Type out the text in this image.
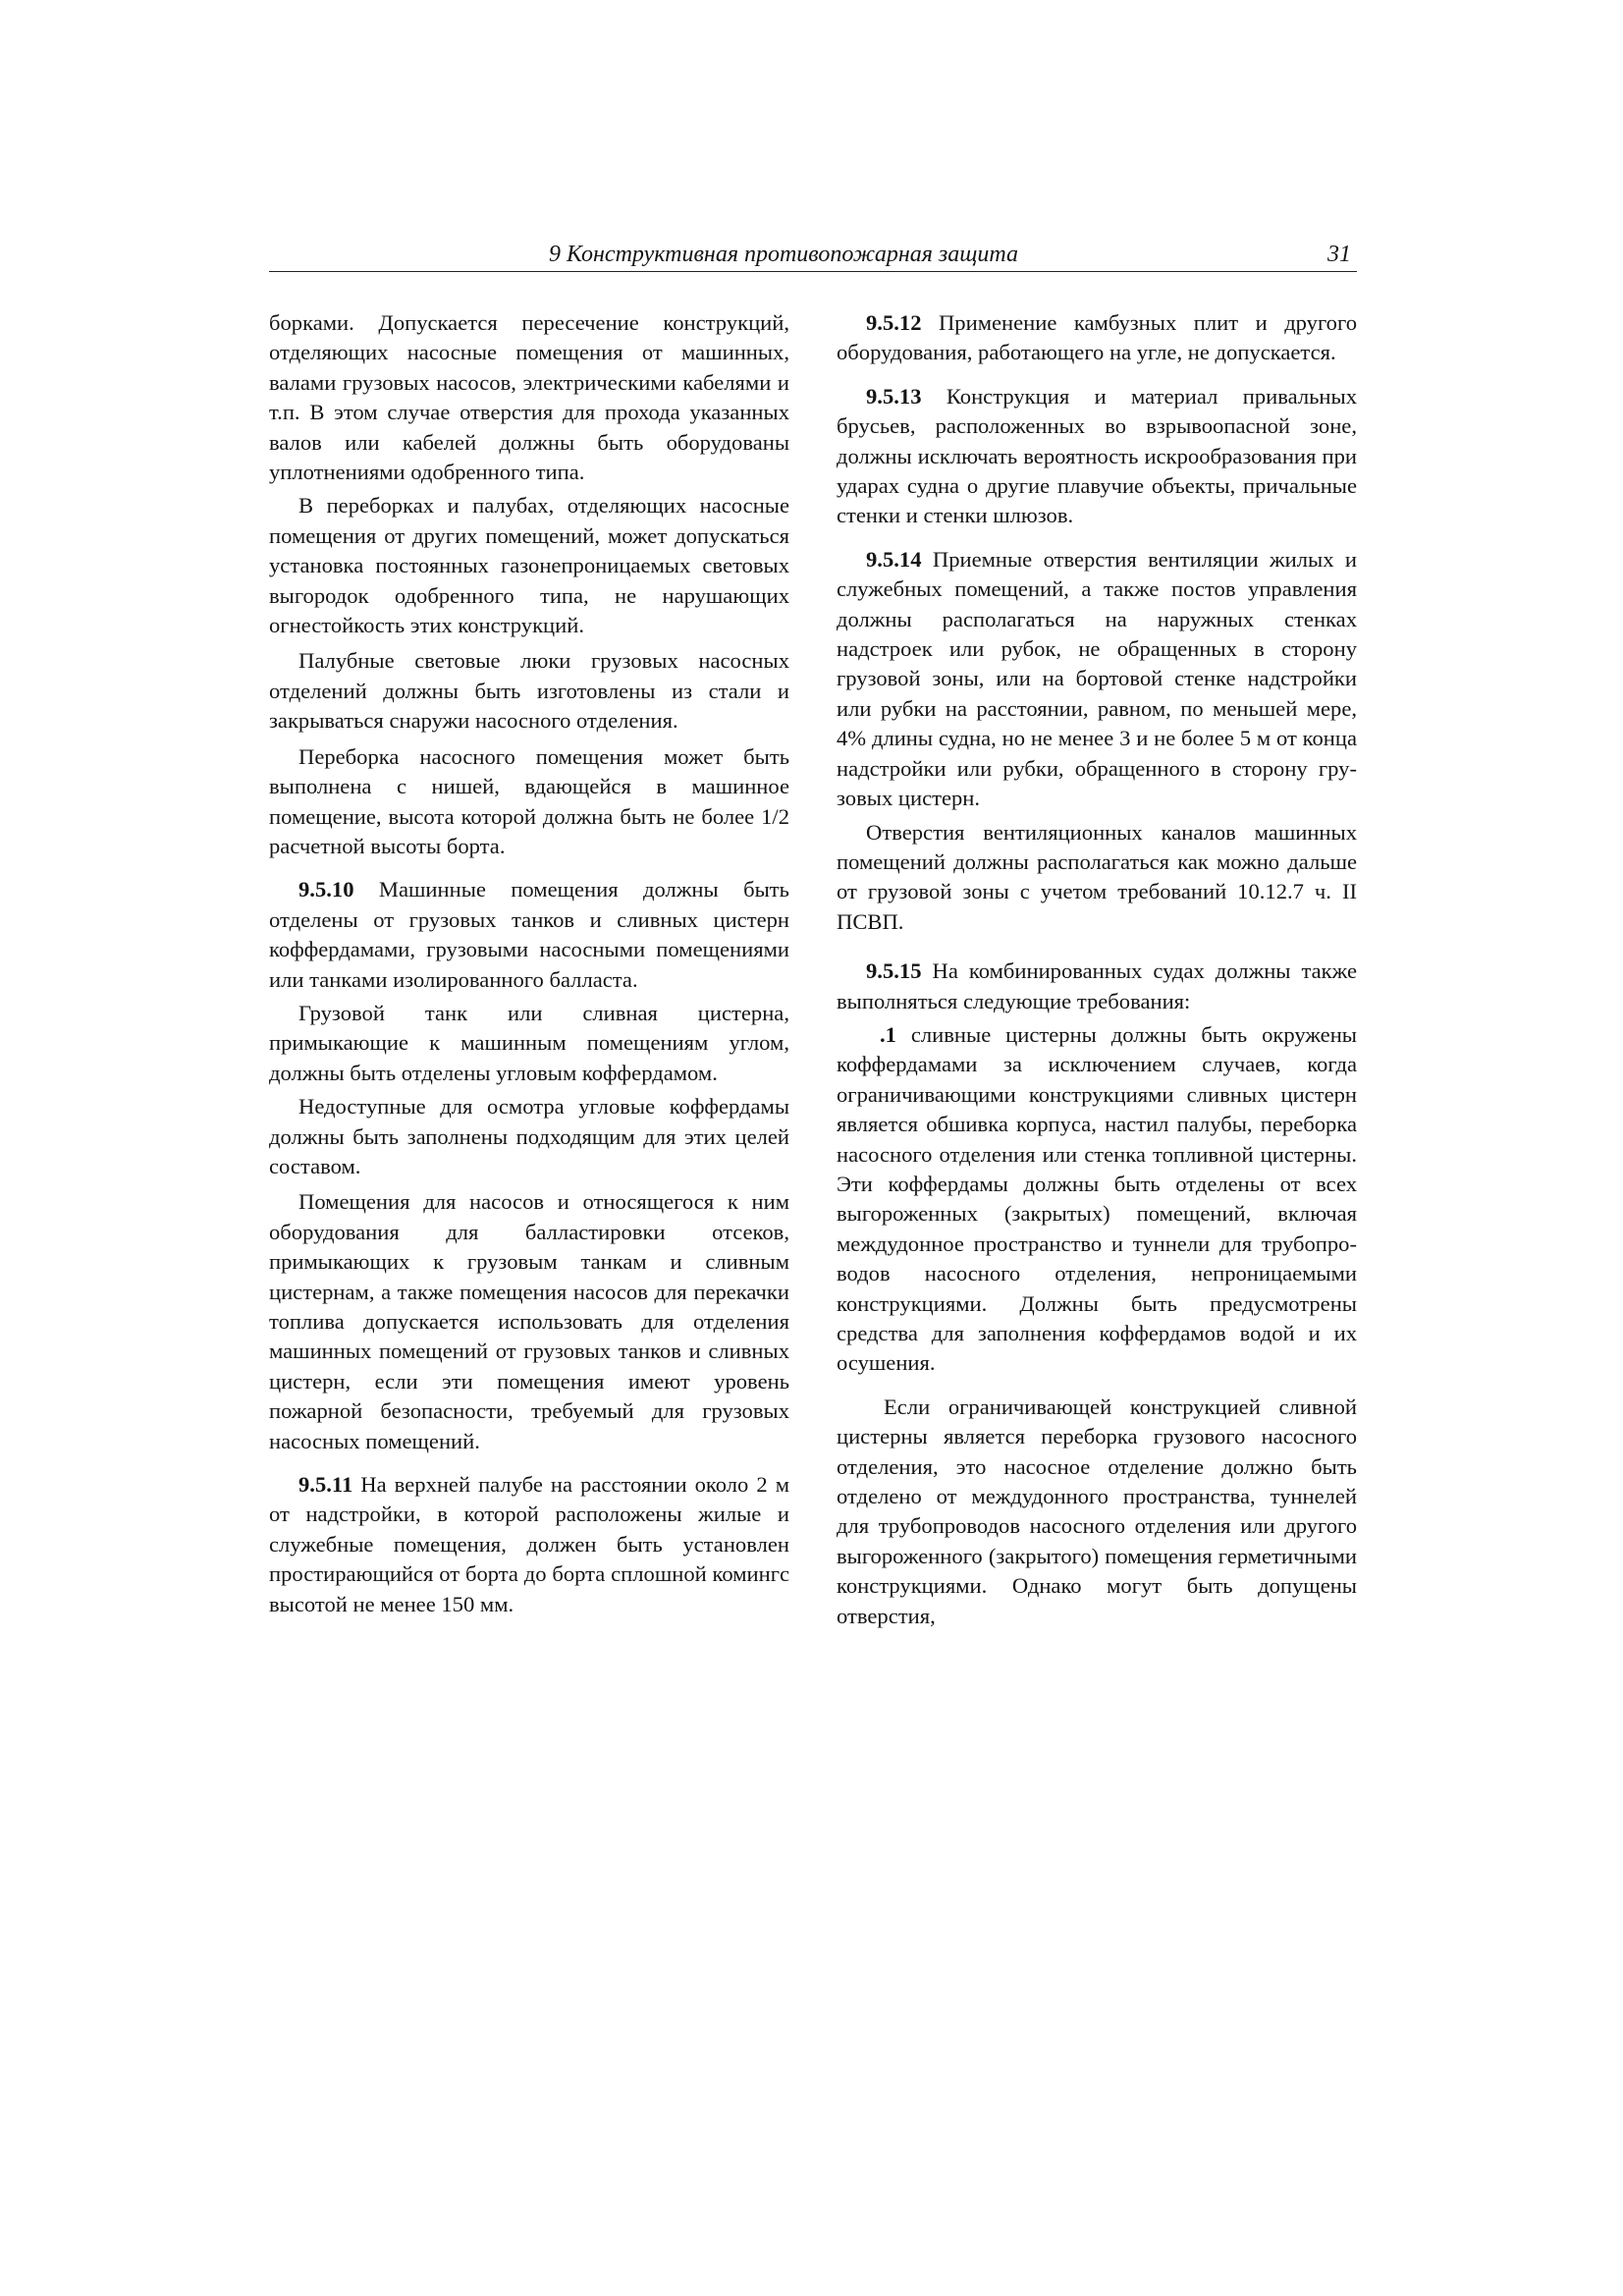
9 Конструктивная противопожарная защита	31

борками. Допускается пересечение конструкций, отделяющих насосные помещения от машинных, валами грузовых насосов, электрическими кабелями и т.п. В этом случае отверстия для прохода указанных валов или кабелей должны быть оборудованы уплотнениями одобренного типа.

В переборках и палубах, отделяющих насосные помещения от других помещений, может допускаться установка постоянных газонепроницаемых световых выгородок одобренного типа, не нарушающих огнестойкость этих конструкций.

Палубные световые люки грузовых насосных отделений должны быть изготовлены из стали и закрываться снаружи насосного отделения.

Переборка насосного помещения может быть выполнена с нишей, вдающейся в машинное помещение, высота которой должна быть не более 1/2 расчетной высоты борта.

9.5.10 Машинные помещения должны быть отделены от грузовых танков и сливных цистерн коффердамами, грузовыми насосными помещениями или танками изолированного балласта.

Грузовой танк или сливная цистерна, примыкающие к машинным помещениям углом, должны быть отделены угловым коффердамом.

Недоступные для осмотра угловые коффердамы должны быть заполнены подходящим для этих целей составом.

Помещения для насосов и относящегося к ним оборудования для балластировки отсеков, примыкающих к грузовым танкам и сливным цистернам, а также помещения насосов для перекачки топлива допускается использовать для отделения машинных помещений от грузовых танков и сливных цистерн, если эти помещения имеют уровень пожарной безопасности, требуемый для грузовых насосных помещений.

9.5.11 На верхней палубе на расстоянии около 2 м от надстройки, в которой расположены жилые и служебные помещения, должен быть установлен простирающийся от борта до борта сплошной комингс высотой не менее 150 мм.

9.5.12 Применение камбузных плит и другого оборудования, работающего на угле, не допускается.

9.5.13 Конструкция и материал привальных брусьев, расположенных во взрывоопасной зоне, должны исключать вероятность искрообразования при ударах судна о другие плавучие объекты, причальные стенки и стенки шлюзов.

9.5.14 Приемные отверстия вентиляции жилых и служебных помещений, а также постов управления должны располагаться на наружных стенках надстроек или рубок, не обращенных в сторону грузовой зоны, или на бортовой стенке надстройки или рубки на расстоянии, равном, по меньшей мере, 4% длины судна, но не менее 3 и не более 5 м от конца надстройки или рубки, обращенного в сторону грузовых цистерн.

Отверстия вентиляционных каналов машинных помещений должны располагаться как можно дальше от грузовой зоны с учетом требований 10.12.7 ч. II ПСВП.

9.5.15 На комбинированных судах должны также выполняться следующие требования:

.1 сливные цистерны должны быть окружены коффердамами за исключением случаев, когда ограничивающими конструкциями сливных цистерн является обшивка корпуса, настил палубы, переборка насосного отделения или стенка топливной цистерны. Эти коффердамы должны быть отделены от всех выгороженных (закрытых) помещений, включая междудонное пространство и туннели для трубопроводов насосного отделения, непроницаемыми конструкциями. Должны быть предусмотрены средства для заполнения коффердамов водой и их осушения.

Если ограничивающей конструкцией сливной цистерны является переборка грузового насосного отделения, это насосное отделение должно быть отделено от междудонного пространства, туннелей для трубопроводов насосного отделения или другого выгороженного (закрытого) помещения герметичными конструкциями. Однако могут быть допущены отверстия,
